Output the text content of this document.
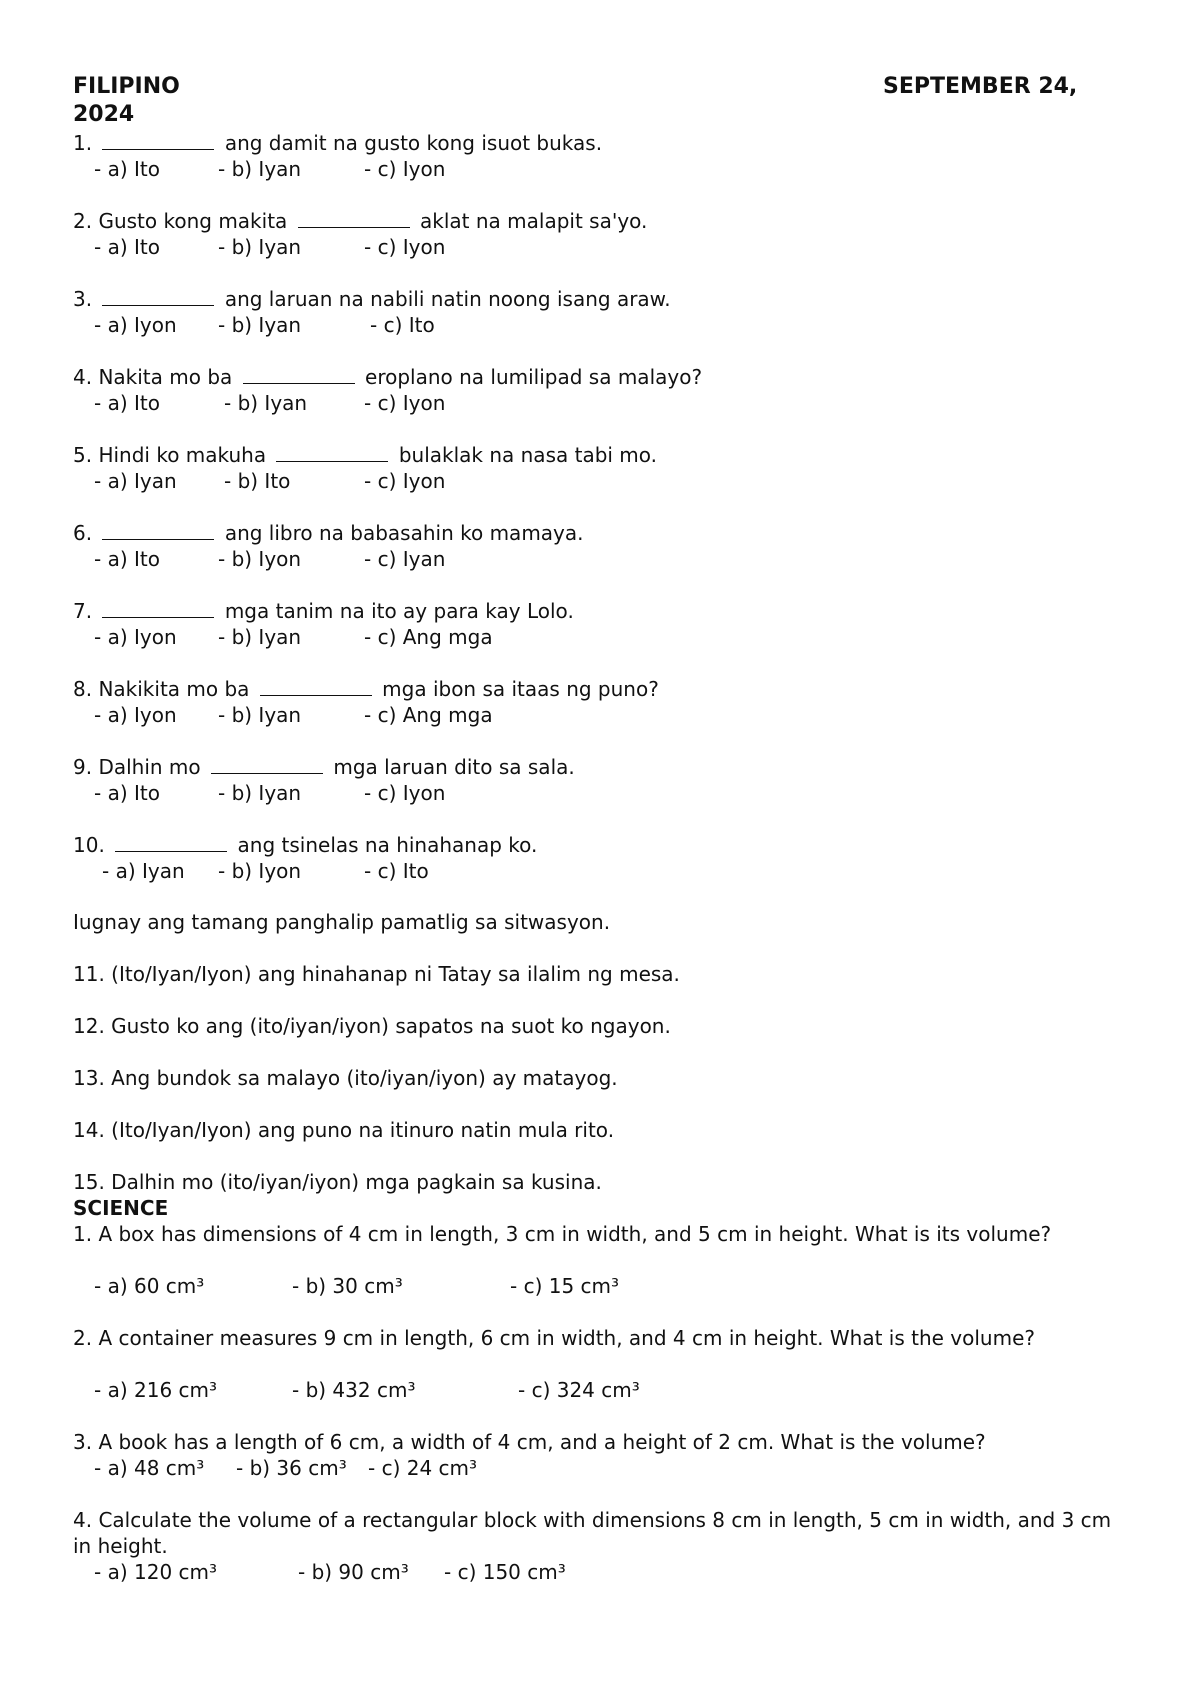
FILIPINO	SEPTEMBER 24,
2024
1.	ang damit na gusto kong isuot bukas.

- a) Ito

	- b) Iyan

	- c) Iyon

2. Gusto kong makita	aklat na malapit sa'yo.

- a) Ito

	- b) Iyan

	- c) Iyon

3.	ang laruan na nabili natin noong isang araw.

- a) Iyon

- b) Iyan

	- c) Ito

4. Nakita mo ba	eroplano na lumilipad sa malayo?

- a) Ito

	- b) Iyan

	- c) Iyon

5. Hindi ko makuha	bulaklak na nasa tabi mo.

- a) Iyan

- b) Ito

	- c) Iyon

6.	ang libro na babasahin ko mamaya.

- a) Ito

	- b) Iyon

	- c) Iyan

7.	mga tanim na ito ay para kay Lolo.

- a) Iyon

- b) Iyan

	- c) Ang mga

8. Nakikita mo ba	mga ibon sa itaas ng puno?

- a) Iyon

- b) Iyan

	- c) Ang mga

9. Dalhin mo	mga laruan dito sa sala.

- a) Ito

	- b) Iyan

	- c) Iyon

10.	ang tsinelas na hinahanap ko.

- a) Iyan

- b) Iyon

	- c) Ito

Iugnay ang tamang panghalip pamatlig sa sitwasyon.
11. (Ito/Iyan/Iyon) ang hinahanap ni Tatay sa ilalim ng mesa.
12. Gusto ko ang (ito/iyan/iyon) sapatos na suot ko ngayon.
13. Ang bundok sa malayo (ito/iyan/iyon) ay matayog.
14. (Ito/Iyan/Iyon) ang puno na itinuro natin mula rito.
15. Dalhin mo (ito/iyan/iyon) mga pagkain sa kusina.
SCIENCE
1. A box has dimensions of 4 cm in length, 3 cm in width, and 5 cm in height. What is its volume?

- a) 60 cm³

	- b) 30 cm³

	- c) 15 cm³

2. A container measures 9 cm in length, 6 cm in width, and 4 cm in height. What is the volume?

- a) 216 cm³

	- b) 432 cm³

	- c) 324 cm³

3. A book has a length of 6 cm, a width of 4 cm, and a height of 2 cm. What is the volume?

- a) 48 cm³

- b) 36 cm³

- c) 24 cm³

4. Calculate the volume of a rectangular block with dimensions 8 cm in length, 5 cm in width, and 3 cm in height.

- a) 120 cm³

	- b) 90 cm³

- c) 150 cm³
